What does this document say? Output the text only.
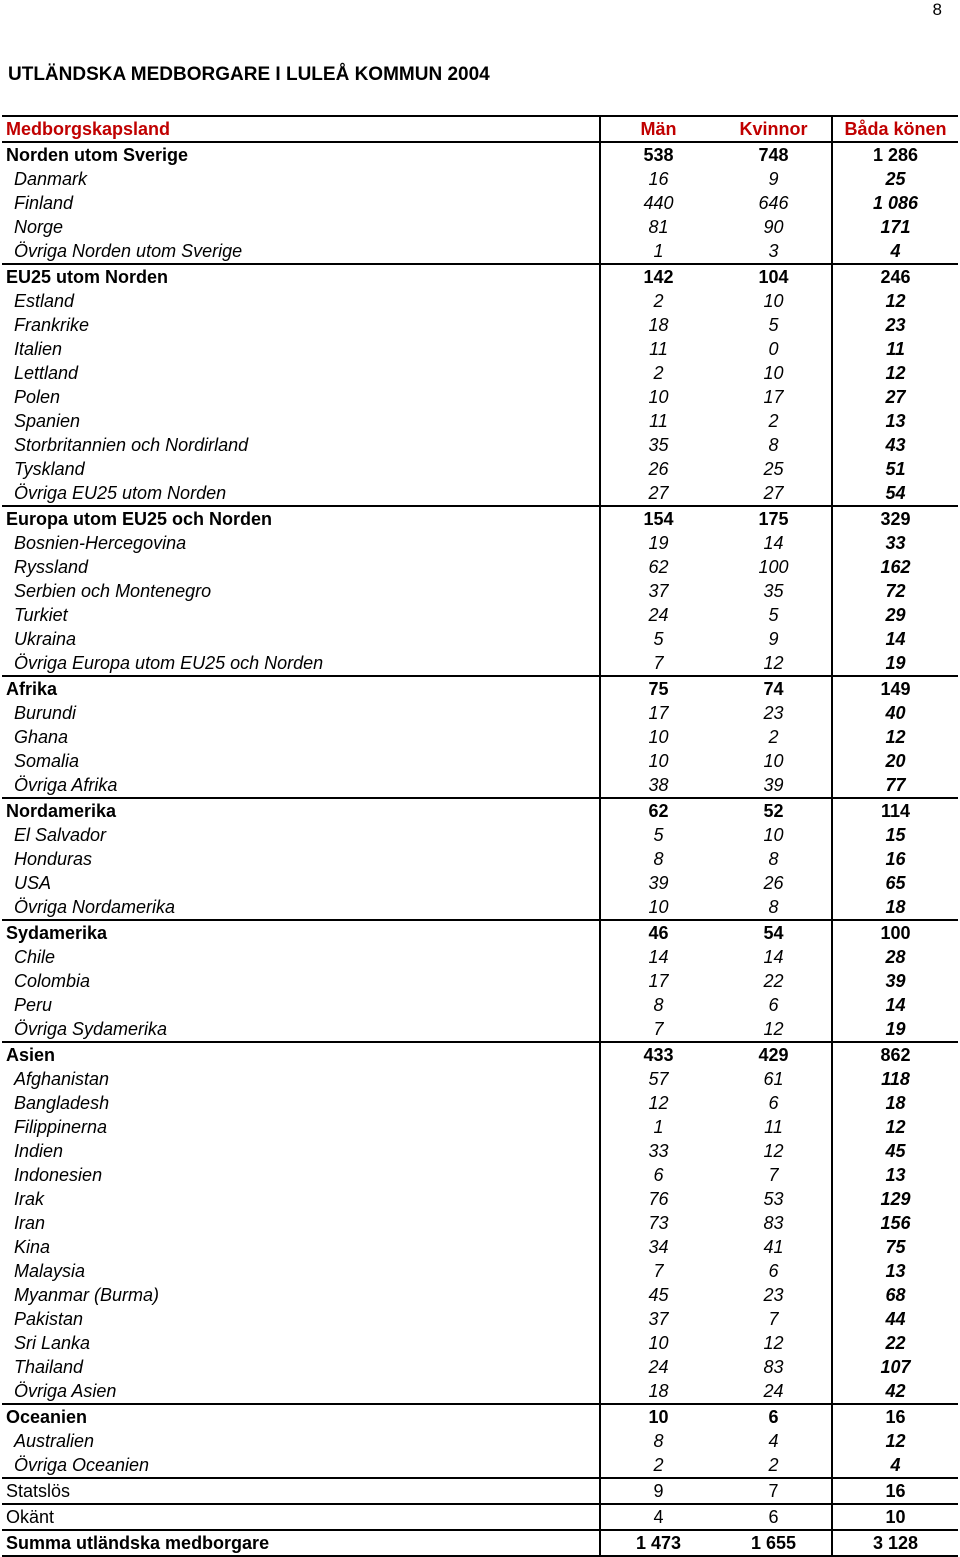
8
UTLÄNDSKA MEDBORGARE I LULEÅ KOMMUN 2004
Medborgskapsland	Män	Kvinnor	Båda könen
Norden utom Sverige	538	748	1 286
Danmark	16	9	25
Finland	440	646	1 086
Norge	81	90	171
Övriga Norden utom Sverige	1	3	4
EU25 utom Norden	142	104	246
Estland	2	10	12
Frankrike	18	5	23
Italien	11	0	11
Lettland	2	10	12
Polen	10	17	27
Spanien	11	2	13
Storbritannien och Nordirland	35	8	43
Tyskland	26	25	51
Övriga EU25 utom Norden	27	27	54
Europa utom EU25 och Norden	154	175	329
Bosnien-Hercegovina	19	14	33
Ryssland	62	100	162
Serbien och Montenegro	37	35	72
Turkiet	24	5	29
Ukraina	5	9	14
Övriga Europa utom EU25 och Norden	7	12	19
Afrika	75	74	149
Burundi	17	23	40
Ghana	10	2	12
Somalia	10	10	20
Övriga Afrika	38	39	77
Nordamerika	62	52	114
El Salvador	5	10	15
Honduras	8	8	16
USA	39	26	65
Övriga Nordamerika	10	8	18
Sydamerika	46	54	100
Chile	14	14	28
Colombia	17	22	39
Peru	8	6	14
Övriga Sydamerika	7	12	19
Asien	433	429	862
Afghanistan	57	61	118
Bangladesh	12	6	18
Filippinerna	1	11	12
Indien	33	12	45
Indonesien	6	7	13
Irak	76	53	129
Iran	73	83	156
Kina	34	41	75
Malaysia	7	6	13
Myanmar (Burma)	45	23	68
Pakistan	37	7	44
Sri Lanka	10	12	22
Thailand	24	83	107
Övriga Asien	18	24	42
Oceanien	10	6	16
Australien	8	4	12
Övriga Oceanien	2	2	4
Statslös	9	7	16
Okänt	4	6	10
Summa utländska medborgare	1 473	1 655	3 128
